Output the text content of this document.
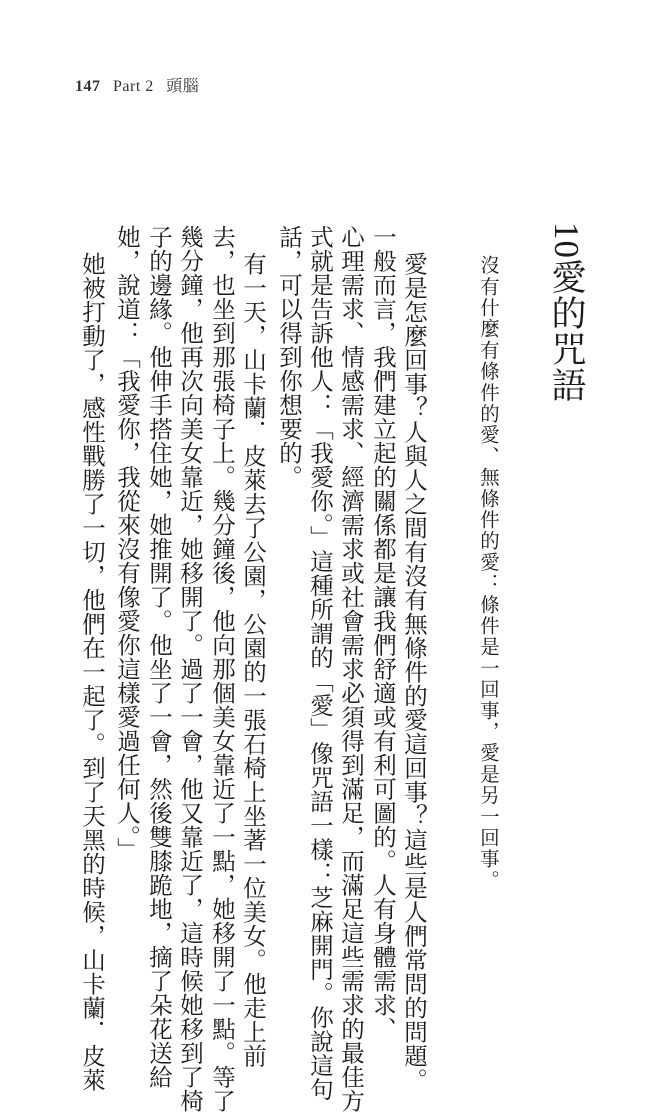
147 Part 2 頭腦
10愛的咒語
沒有什麼有條件的愛、無條件的愛：條件是一回事，愛是另一回事。
愛是怎麼回事？人與人之間有沒有無條件的愛這回事？這些是人們常問的問題。
一般而言，我們建立起的關係都是讓我們舒適或有利可圖的。人有身體需求、
心理需求、情感需求、經濟需求或社會需求必須得到滿足，而滿足這些需求的最佳方
式就是告訴他人：「我愛你。」這種所謂的「愛」像咒語一樣：芝麻開門。你說這句
話，可以得到你想要的。
有一天，山卡蘭．皮萊去了公園，公園的一張石椅上坐著一位美女。他走上前
去，也坐到那張椅子上。幾分鐘後，他向那個美女靠近了一點，她移開了一點。等了
幾分鐘，他再次向美女靠近，她移開了。過了一會，他又靠近了，這時候她移到了椅
子的邊緣。他伸手搭住她，她推開了。他坐了一會，然後雙膝跪地，摘了朵花送給
她，說道：「我愛你，我從來沒有像愛你這樣愛過任何人。」
她被打動了，感性戰勝了一切，他們在一起了。到了天黑的時候，山卡蘭．皮萊
